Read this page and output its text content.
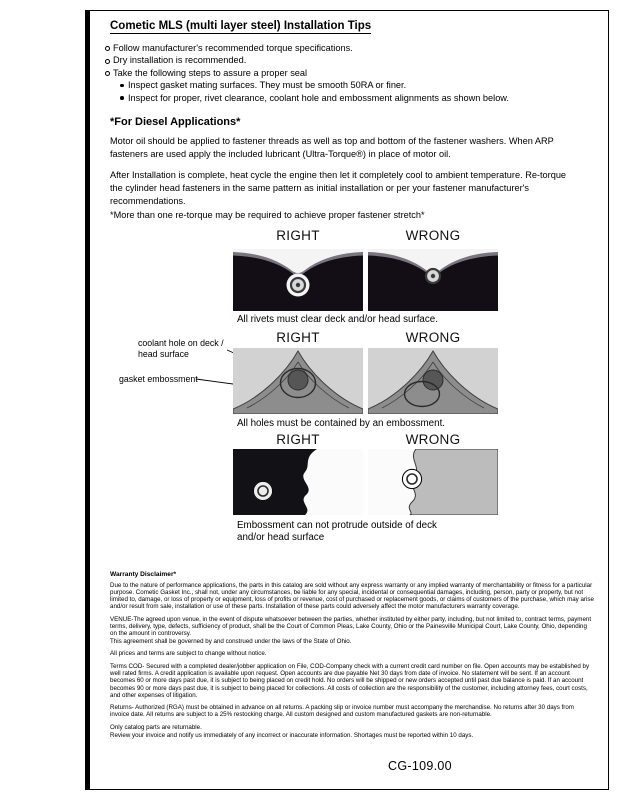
Cometic MLS (multi layer steel) Installation Tips
Follow manufacturer's recommended torque specifications.
Dry installation is recommended.
Take the following steps to assure a proper seal
Inspect gasket mating surfaces. They must be smooth 50RA or finer.
Inspect for proper, rivet clearance, coolant hole and embossment alignments as shown below.
*For Diesel Applications*

Motor oil should be applied to fastener threads as well as top and bottom of the fastener washers. When ARP fasteners are used apply the included lubricant (Ultra-Torque®) in place of motor oil.

After Installation is complete, heat cycle the engine then let it completely cool to ambient temperature. Re-torque the cylinder head fasteners in the same pattern as initial installation or per your fastener manufacturer's recommendations.

*More than one re-torque may be required to achieve proper fastener stretch*

RIGHT	WRONG
All rivets must clear deck and/or head surface.
RIGHT	WRONG
coolant hole on deck / head surface
gasket embossment
All holes must be contained by an embossment.
RIGHT	WRONG
Embossment can not protrude outside of deck and/or head surface
Warranty Disclaimer*

Due to the nature of performance applications, the parts in this catalog are sold without any express warranty or any implied warranty of merchantability or fitness for a particular purpose. Cometic Gasket Inc., shall not, under any circumstances, be liable for any special, incidental or consequential damages, including, person, party or property, but not limited to, damage, or loss of property or equipment, loss of profits or revenue, cost of purchased or replacement goods, or claims of customers of the purchase, which may arise and/or result from sale, installation or use of these parts. Installation of these parts could adversely affect the motor manufacturers warranty coverage.

VENUE-The agreed upon venue, in the event of dispute whatsoever between the parties, whether instituted by either party, including, but not limited to, contract terms, payment terms, delivery, type, defects, sufficiency of product, shall be the Court of Common Pleas, Lake County, Ohio or the Painesville Municipal Court, Lake County, Ohio, depending on the amount in controversy.

This agreement shall be governed by and construed under the laws of the State of Ohio.

All prices and terms are subject to change without notice.

Terms COD- Secured with a completed dealer/jobber application on File, COD-Company check with a current credit card number on file. Open accounts may be established by well rated firms. A credit application is available upon request. Open accounts are due payable Net 30 days from date of invoice. No statement will be sent. If an account becomes 60 or more days past due, it is subject to being placed on credit hold. No orders will be shipped or new orders accepted until past due balance is paid. If an account becomes 90 or more days past due, it is subject to being placed for collections. All costs of collection are the responsibility of the customer, including attorney fees, court costs, and other expenses of litigation.

Returns- Authorized (RGA) must be obtained in advance on all returns. A packing slip or invoice number must accompany the merchandise. No returns after 30 days from invoice date. All returns are subject to a 25% restocking charge. All custom designed and custom manufactured gaskets are non-returnable.

Only catalog parts are returnable.

Review your invoice and notify us immediately of any incorrect or inaccurate information. Shortages must be reported within 10 days.

CG-109.00
